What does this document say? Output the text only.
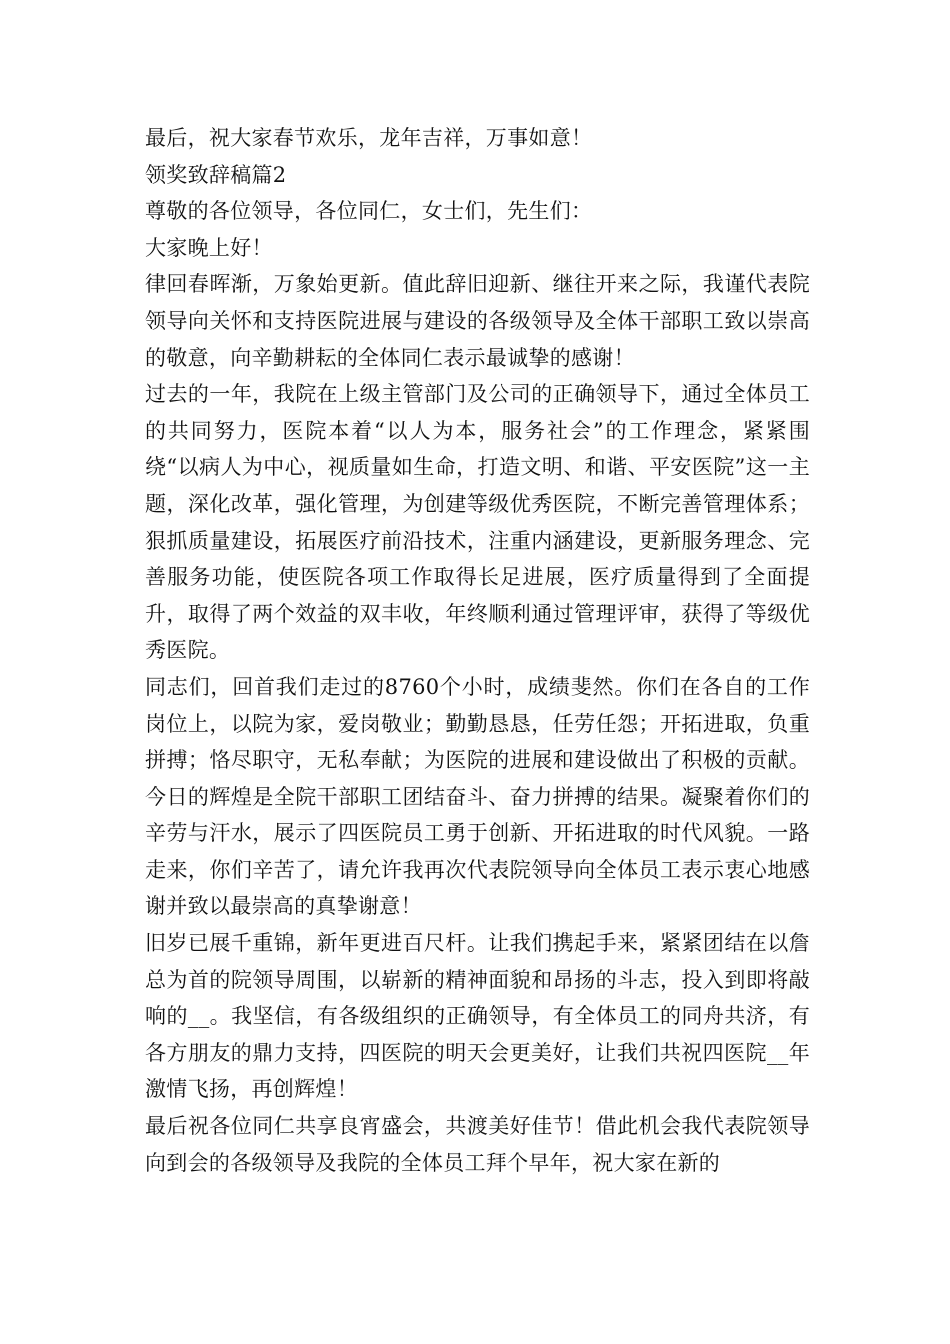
最后，祝大家春节欢乐，龙年吉祥，万事如意！

领奖致辞稿篇2

尊敬的各位领导，各位同仁，女士们，先生们：

大家晚上好！

律回春晖渐，万象始更新。值此辞旧迎新、继往开来之际，我谨代表院领导向关怀和支持医院进展与建设的各级领导及全体干部职工致以崇高的敬意，向辛勤耕耘的全体同仁表示最诚挚的感谢！

过去的一年，我院在上级主管部门及公司的正确领导下，通过全体员工的共同努力，医院本着“以人为本，服务社会”的工作理念，紧紧围绕“以病人为中心，视质量如生命，打造文明、和谐、平安医院”这一主题，深化改革，强化管理，为创建等级优秀医院，不断完善管理体系；狠抓质量建设，拓展医疗前沿技术，注重内涵建设，更新服务理念、完善服务功能，使医院各项工作取得长足进展，医疗质量得到了全面提升，取得了两个效益的双丰收，年终顺利通过管理评审，获得了等级优秀医院。

同志们，回首我们走过的8760个小时，成绩斐然。你们在各自的工作岗位上，以院为家，爱岗敬业；勤勤恳恳，任劳任怨；开拓进取，负重拼搏；恪尽职守，无私奉献；为医院的进展和建设做出了积极的贡献。今日的辉煌是全院干部职工团结奋斗、奋力拼搏的结果。凝聚着你们的辛劳与汗水，展示了四医院员工勇于创新、开拓进取的时代风貌。一路走来，你们辛苦了，请允许我再次代表院领导向全体员工表示衷心地感谢并致以最崇高的真挚谢意！

旧岁已展千重锦，新年更进百尺杆。让我们携起手来，紧紧团结在以詹总为首的院领导周围，以崭新的精神面貌和昂扬的斗志，投入到即将敲响的__。我坚信，有各级组织的正确领导，有全体员工的同舟共济，有各方朋友的鼎力支持，四医院的明天会更美好，让我们共祝四医院__年激情飞扬，再创辉煌！

最后祝各位同仁共享良宵盛会，共渡美好佳节！借此机会我代表院领导向到会的各级领导及我院的全体员工拜个早年，祝大家在新的
